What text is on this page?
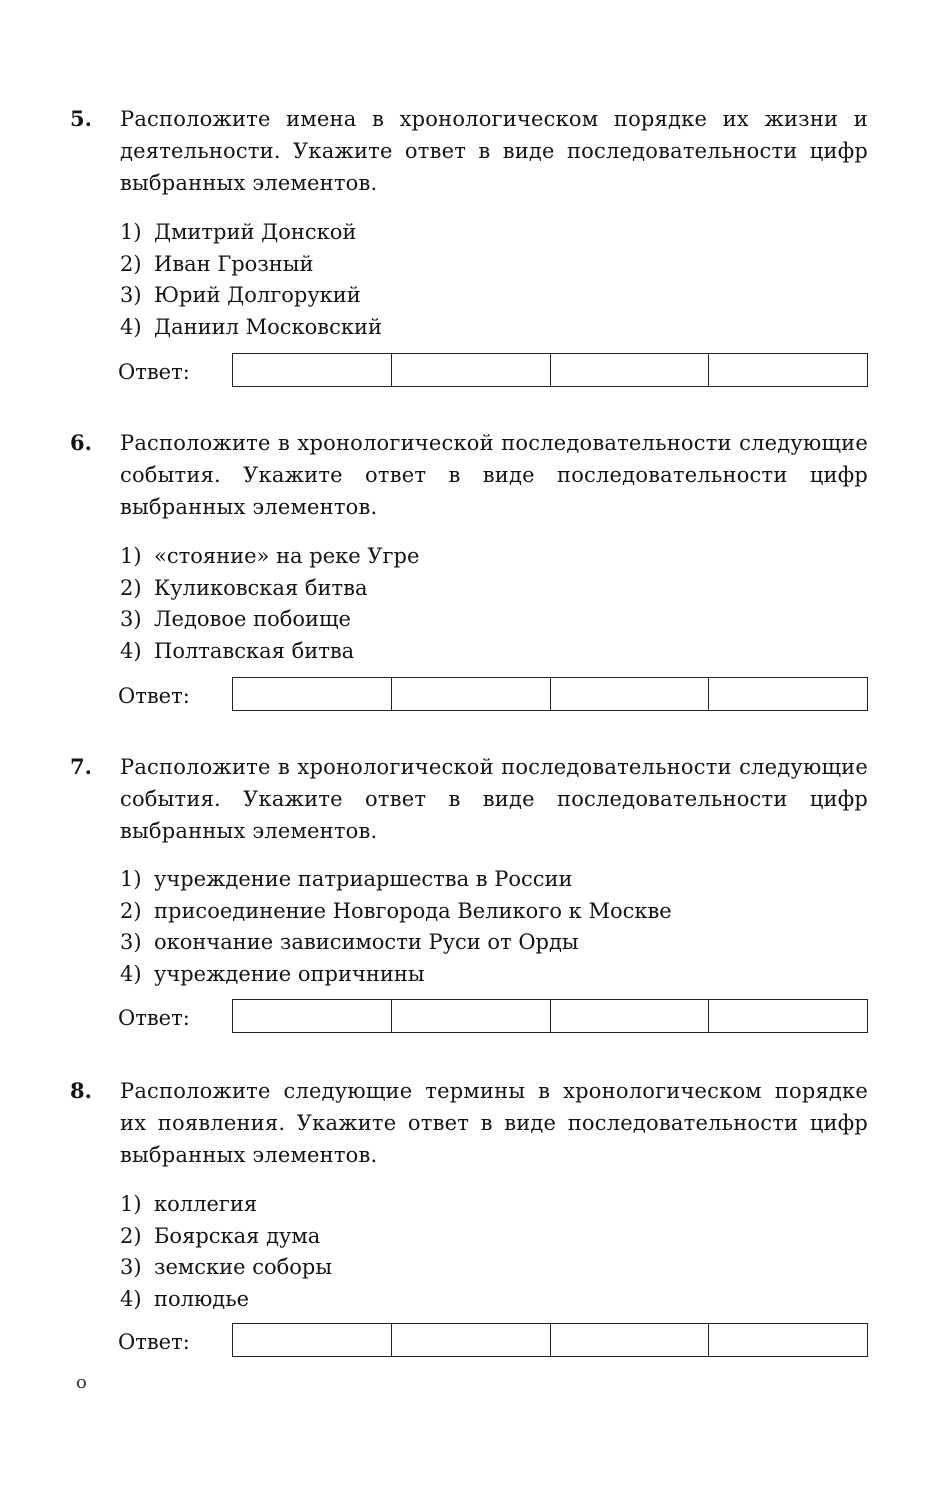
5. Расположите имена в хронологическом порядке их жизни и деятельности. Укажите ответ в виде последовательности цифр выбранных элементов.
1) Дмитрий Донской
2) Иван Грозный
3) Юрий Долгорукий
4) Даниил Московский
Ответ:
6. Расположите в хронологической последовательности следующие события. Укажите ответ в виде последовательности цифр выбранных элементов.
1) «стояние» на реке Угре
2) Куликовская битва
3) Ледовое побоище
4) Полтавская битва
Ответ:
7. Расположите в хронологической последовательности следующие события. Укажите ответ в виде последовательности цифр выбранных элементов.
1) учреждение патриаршества в России
2) присоединение Новгорода Великого к Москве
3) окончание зависимости Руси от Орды
4) учреждение опричнины
Ответ:
8. Расположите следующие термины в хронологическом порядке их появления. Укажите ответ в виде последовательности цифр выбранных элементов.
1) коллегия
2) Боярская дума
3) земские соборы
4) полюдье
Ответ:
о
